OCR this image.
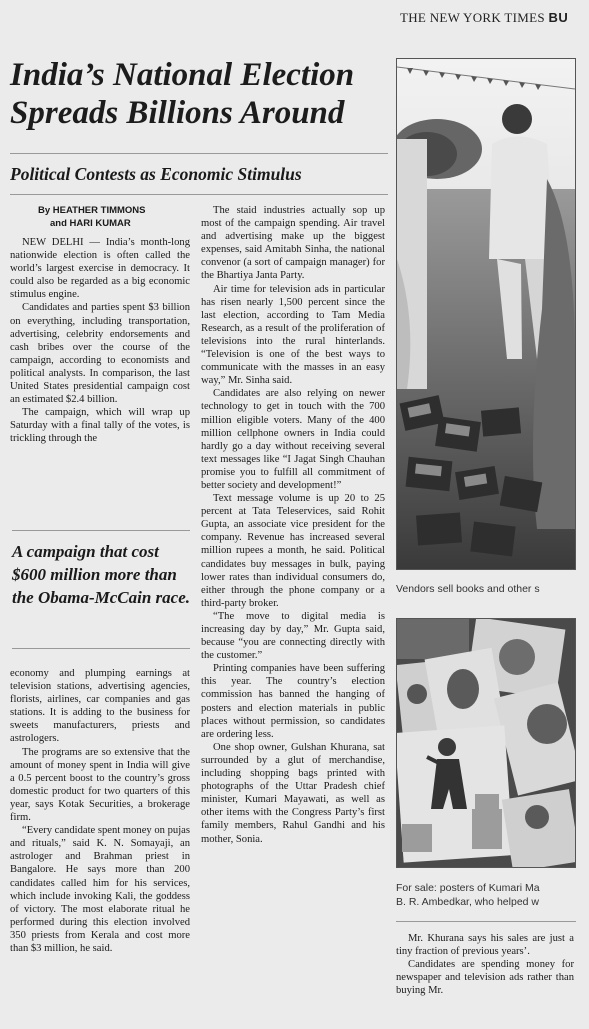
THE NEW YORK TIMES BU
India’s National Election
Spreads Billions Around
Political Contests as Economic Stimulus
By HEATHER TIMMONS
and HARI KUMAR

NEW DELHI — India’s month-long nationwide election is often called the world’s largest exercise in democracy. It could also be regarded as a big economic stimulus engine.

Candidates and parties spent $3 billion on everything, including transportation, advertising, celebrity endorsements and cash bribes over the course of the campaign, according to economists and political analysts. In comparison, the last United States presidential campaign cost an estimated $2.4 billion.

The campaign, which will wrap up Saturday with a final tally of the votes, is trickling through the

A campaign that cost $600 million more than the Obama-McCain race.

economy and plumping earnings at television stations, advertising agencies, florists, airlines, car companies and gas stations. It is adding to the business for sweets manufacturers, priests and astrologers.

The programs are so extensive that the amount of money spent in India will give a 0.5 percent boost to the country’s gross domestic product for two quarters of this year, says Kotak Securities, a brokerage firm.

“Every candidate spent money on pujas and rituals,” said K. N. Somayaji, an astrologer and Brahman priest in Bangalore. He says more than 200 candidates called him for his services, which include invoking Kali, the goddess of victory. The most elaborate ritual he performed during this election involved 350 priests from Kerala and cost more than $3 million, he said.

The staid industries actually sop up most of the campaign spending. Air travel and advertising make up the biggest expenses, said Amitabh Sinha, the national convenor (a sort of campaign manager) for the Bhartiya Janta Party.

Air time for television ads in particular has risen nearly 1,500 percent since the last election, according to Tam Media Research, as a result of the proliferation of televisions into the rural hinterlands. “Television is one of the best ways to communicate with the masses in an easy way,” Mr. Sinha said.

Candidates are also relying on newer technology to get in touch with the 700 million eligible voters. Many of the 400 million cellphone owners in India could hardly go a day without receiving several text messages like “I Jagat Singh Chauhan promise you to fulfill all commitment of better society and development!”

Text message volume is up 20 to 25 percent at Tata Teleservices, said Rohit Gupta, an associate vice president for the company. Revenue has increased several million rupees a month, he said. Political candidates buy messages in bulk, paying lower rates than individual consumers do, either through the phone company or a third-party broker.

“The move to digital media is increasing day by day,” Mr. Gupta said, because “you are connecting directly with the customer.”

Printing companies have been suffering this year. The country’s election commission has banned the hanging of posters and election materials in public places without permission, so candidates are ordering less.

One shop owner, Gulshan Khurana, sat surrounded by a glut of merchandise, including shopping bags printed with photographs of the Uttar Pradesh chief minister, Kumari Mayawati, as well as other items with the Congress Party’s first family members, Rahul Gandhi and his mother, Sonia.

Vendors sell books and other s
For sale: posters of Kumari Ma
B. R. Ambedkar, who helped w

Mr. Khurana says his sales are just a tiny fraction of previous years’.

Candidates are spending money for newspaper and television ads rather than buying Mr.
